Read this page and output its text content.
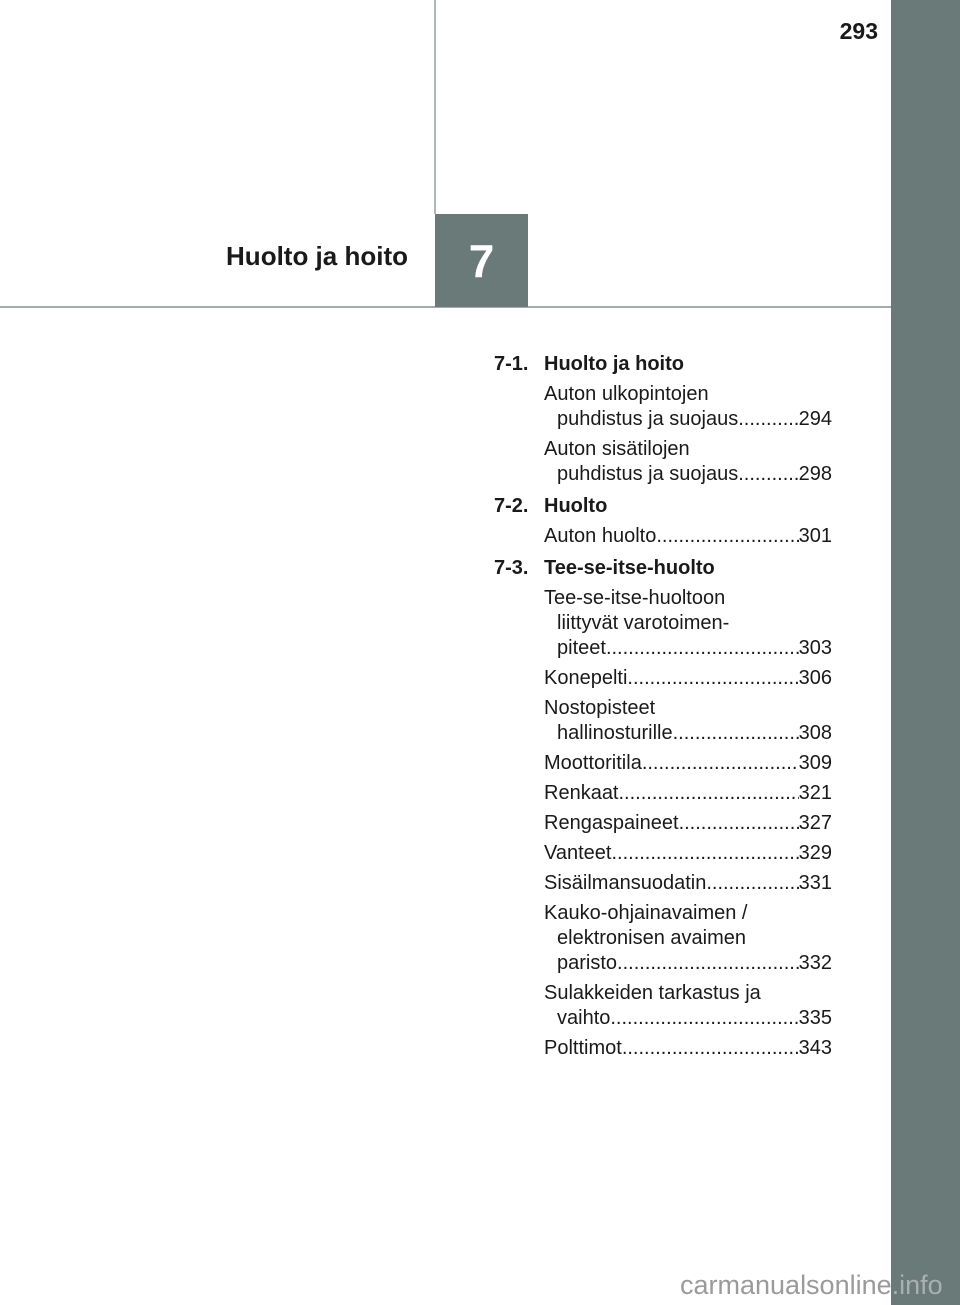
293
7
Huolto ja hoito
7-1. Huolto ja hoito
Auton ulkopintojen
puhdistus ja suojaus .....	294
Auton sisätilojen
puhdistus ja suojaus .....	298
7-2. Huolto
Auton huolto .....	301
7-3. Tee-se-itse-huolto
Tee-se-itse-huoltoon
liittyvät varotoimen-
piteet .....	303
Konepelti .....	306
Nostopisteet
hallinosturille .....	308
Moottoritila .....	309
Renkaat .....	321
Rengaspaineet .....	327
Vanteet .....	329
Sisäilmansuodatin .....	331
Kauko-ohjainavaimen /
elektronisen avaimen
paristo .....	332
Sulakkeiden tarkastus ja
vaihto .....	335
Polttimot .....	343
carmanualsonline.info
